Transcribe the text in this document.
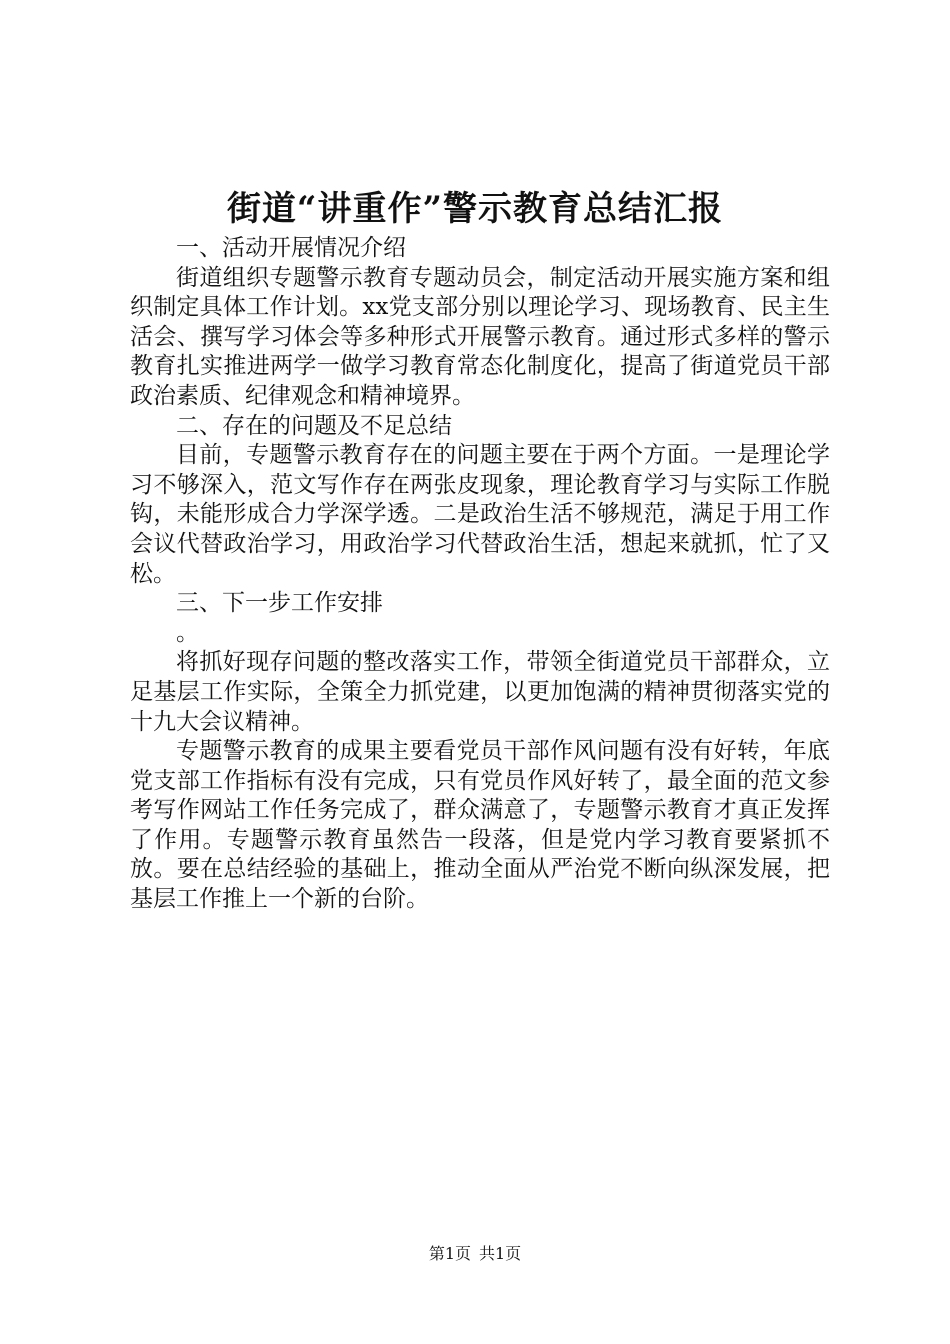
街道“讲重作”警示教育总结汇报

一、活动开展情况介绍

街道组织专题警示教育专题动员会，制定活动开展实施方案和组织制定具体工作计划。xx党支部分别以理论学习、现场教育、民主生活会、撰写学习体会等多种形式开展警示教育。通过形式多样的警示教育扎实推进两学一做学习教育常态化制度化，提高了街道党员干部政治素质、纪律观念和精神境界。

二、存在的问题及不足总结

目前，专题警示教育存在的问题主要在于两个方面。一是理论学习不够深入，范文写作存在两张皮现象，理论教育学习与实际工作脱钩，未能形成合力学深学透。二是政治生活不够规范，满足于用工作会议代替政治学习，用政治学习代替政治生活，想起来就抓，忙了又松。

三、下一步工作安排

。

将抓好现存问题的整改落实工作，带领全街道党员干部群众，立足基层工作实际，全策全力抓党建，以更加饱满的精神贯彻落实党的十九大会议精神。

专题警示教育的成果主要看党员干部作风问题有没有好转，年底党支部工作指标有没有完成，只有党员作风好转了，最全面的范文参考写作网站工作任务完成了，群众满意了，专题警示教育才真正发挥了作用。专题警示教育虽然告一段落，但是党内学习教育要紧抓不放。要在总结经验的基础上，推动全面从严治党不断向纵深发展，把基层工作推上一个新的台阶。

第1页 共1页
